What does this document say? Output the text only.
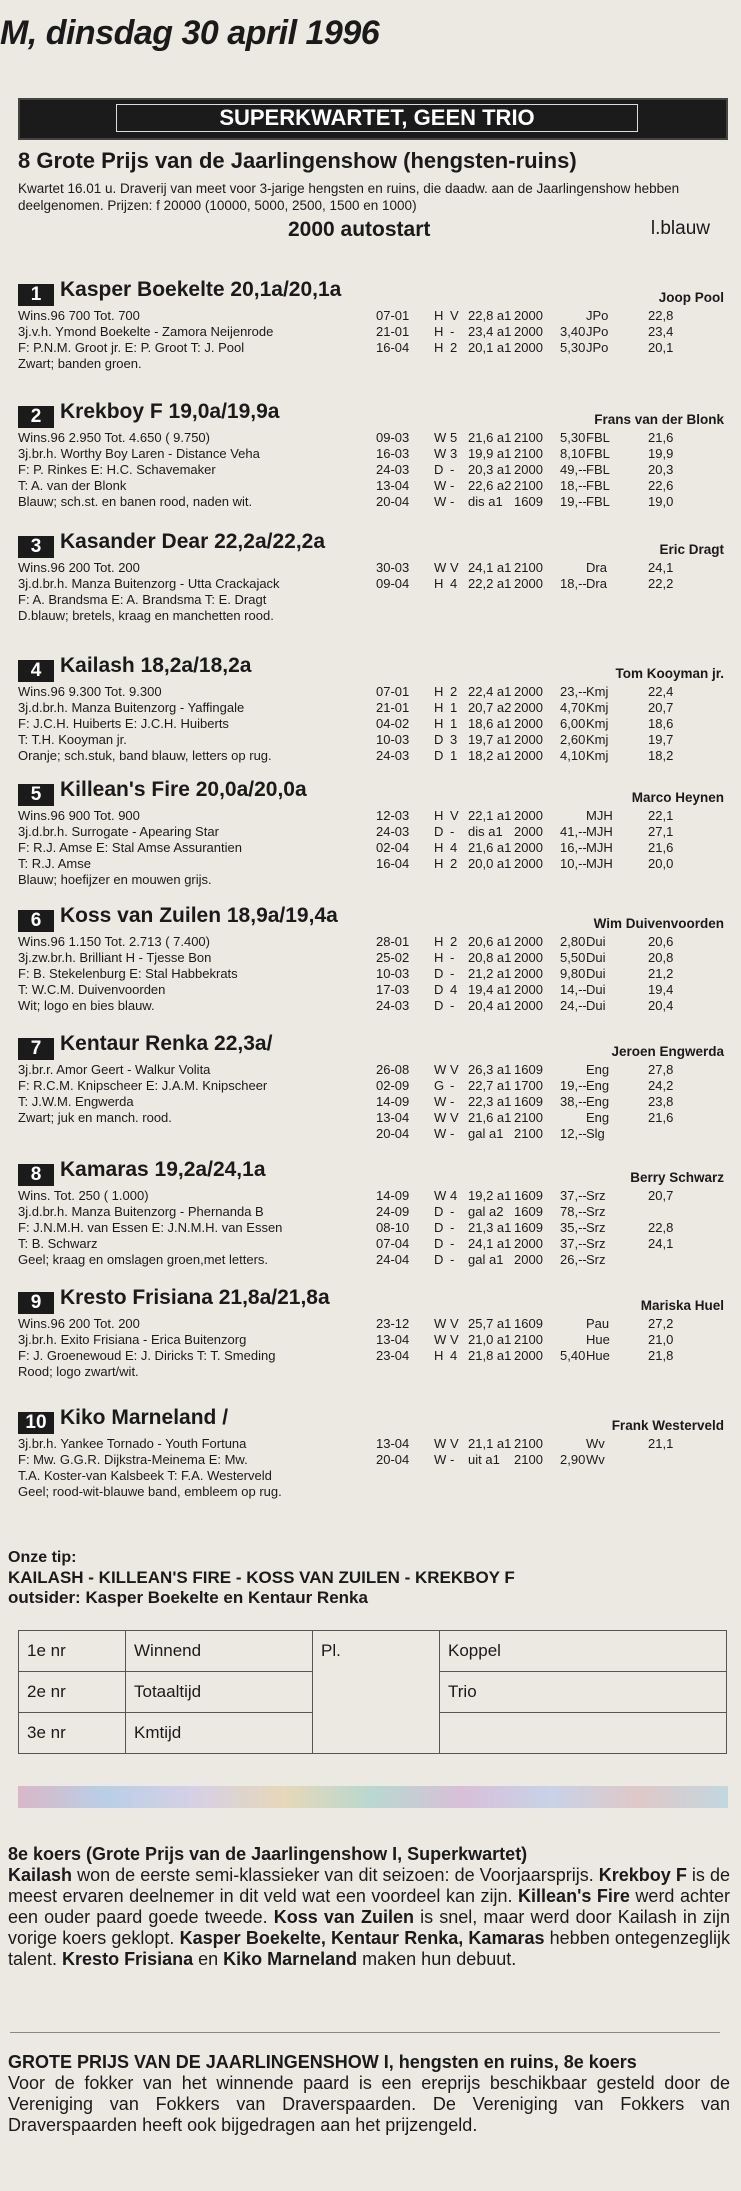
M, dinsdag 30 april 1996
SUPERKWARTET, GEEN TRIO
8 Grote Prijs van de Jaarlingenshow (hengsten-ruins)
Kwartet 16.01 u. Draverij van meet voor 3-jarige hengsten en ruins, die daadw. aan de Jaarlingenshow hebben deelgenomen. Prijzen: f 20000 (10000, 5000, 2500, 1500 en 1000)
2000 autostart	l.blauw
1 Kasper Boekelte 20,1a/20,1a	Joop Pool
Wins.96 700 Tot. 700
3j.v.h. Ymond Boekelte - Zamora Neijenrode
F: P.N.M. Groot jr. E: P. Groot T: J. Pool
Zwart; banden groen.
07-01 H V 22,8 a1 2000	JPo	22,8
21-01 H - 23,4 a1 2000 3,40 JPo	23,4
16-04 H 2 20,1 a1 2000 5,30 JPo	20,1
2 Krekboy F 19,0a/19,9a	Frans van der Blonk
Wins.96 2.950 Tot. 4.650 ( 9.750)
3j.br.h. Worthy Boy Laren - Distance Veha
F: P. Rinkes E: H.C. Schavemaker
T: A. van der Blonk
Blauw; sch.st. en banen rood, naden wit.
09-03 W 5 21,6 a1 2100 5,30 FBL	21,6
16-03 W 3 19,9 a1 2100 8,10 FBL	19,9
24-03 D - 20,3 a1 2000 49,-- FBL	20,3
13-04 W - 22,6 a2 2100 18,-- FBL	22,6
20-04 W - dis a1 1609 19,-- FBL	19,0
3 Kasander Dear 22,2a/22,2a	Eric Dragt
Wins.96 200 Tot. 200
3j.d.br.h. Manza Buitenzorg - Utta Crackajack
F: A. Brandsma E: A. Brandsma T: E. Dragt
D.blauw; bretels, kraag en manchetten rood.
30-03 W V 24,1 a1 2100	Dra	24,1
09-04 H 4 22,2 a1 2000 18,-- Dra	22,2
4 Kailash 18,2a/18,2a	Tom Kooyman jr.
Wins.96 9.300 Tot. 9.300
3j.d.br.h. Manza Buitenzorg - Yaffingale
F: J.C.H. Huiberts E: J.C.H. Huiberts
T: T.H. Kooyman jr.
Oranje; sch.stuk, band blauw, letters op rug.
07-01 H 2 22,4 a1 2000 23,-- Kmj	22,4
21-01 H 1 20,7 a2 2000 4,70 Kmj	20,7
04-02 H 1 18,6 a1 2000 6,00 Kmj	18,6
10-03 D 3 19,7 a1 2000 2,60 Kmj	19,7
24-03 D 1 18,2 a1 2000 4,10 Kmj	18,2
5 Killean's Fire 20,0a/20,0a	Marco Heynen
Wins.96 900 Tot. 900
3j.d.br.h. Surrogate - Apearing Star
F: R.J. Amse E: Stal Amse Assurantien
T: R.J. Amse
Blauw; hoefijzer en mouwen grijs.
12-03 H V 22,1 a1 2000	MJH	22,1
24-03 D - dis a1 2000 41,-- MJH	27,1
02-04 H 4 21,6 a1 2000 16,-- MJH	21,6
16-04 H 2 20,0 a1 2000 10,-- MJH	20,0
6 Koss van Zuilen 18,9a/19,4a	Wim Duivenvoorden
Wins.96 1.150 Tot. 2.713 ( 7.400)
3j.zw.br.h. Brilliant H - Tjesse Bon
F: B. Stekelenburg E: Stal Habbekrats
T: W.C.M. Duivenvoorden
Wit; logo en bies blauw.
28-01 H 2 20,6 a1 2000 2,80 Dui	20,6
25-02 H - 20,8 a1 2000 5,50 Dui	20,8
10-03 D - 21,2 a1 2000 9,80 Dui	21,2
17-03 D 4 19,4 a1 2000 14,-- Dui	19,4
24-03 D - 20,4 a1 2000 24,-- Dui	20,4
7 Kentaur Renka 22,3a/	Jeroen Engwerda
3j.br.r. Amor Geert - Walkur Volita
F: R.C.M. Knipscheer E: J.A.M. Knipscheer
T: J.W.M. Engwerda
Zwart; juk en manch. rood.
26-08 W V 26,3 a1 1609	Eng	27,8
02-09 G - 22,7 a1 1700 19,-- Eng	24,2
14-09 W - 22,3 a1 1609 38,-- Eng	23,8
13-04 W V 21,6 a1 2100	Eng	21,6
20-04 W - gal a1 2100 12,-- Slg
8 Kamaras 19,2a/24,1a	Berry Schwarz
Wins. Tot. 250 ( 1.000)
3j.d.br.h. Manza Buitenzorg - Phernanda B
F: J.N.M.H. van Essen E: J.N.M.H. van Essen
T: B. Schwarz
Geel; kraag en omslagen groen,met letters.
14-09 W 4 19,2 a1 1609 37,-- Srz	20,7
24-09 D - gal a2 1609 78,-- Srz
08-10 D - 21,3 a1 1609 35,-- Srz	22,8
07-04 D - 24,1 a1 2000 37,-- Srz	24,1
24-04 D - gal a1 2000 26,-- Srz
9 Kresto Frisiana 21,8a/21,8a	Mariska Huel
Wins.96 200 Tot. 200
3j.br.h. Exito Frisiana - Erica Buitenzorg
F: J. Groenewoud E: J. Diricks T: T. Smeding
Rood; logo zwart/wit.
23-12 W V 25,7 a1 1609	Pau	27,2
13-04 W V 21,0 a1 2100	Hue	21,0
23-04 H 4 21,8 a1 2000 5,40 Hue	21,8
10 Kiko Marneland /	Frank Westerveld
3j.br.h. Yankee Tornado - Youth Fortuna
F: Mw. G.G.R. Dijkstra-Meinema E: Mw.
T.A. Koster-van Kalsbeek T: F.A. Westerveld
Geel; rood-wit-blauwe band, embleem op rug.
13-04 W V 21,1 a1 2100	Wv	21,1
20-04 W - uit a1 2100 2,90 Wv
Onze tip:
KAILASH - KILLEAN'S FIRE - KOSS VAN ZUILEN - KREKBOY F
outsider: Kasper Boekelte en Kentaur Renka
1e nr	Winnend	Pl.	Koppel
2e nr	Totaaltijd		Trio
3e nr	Kmtijd		
8e koers (Grote Prijs van de Jaarlingenshow I, Superkwartet)
Kailash won de eerste semi-klassieker van dit seizoen: de Voorjaarsprijs. Krekboy F is de meest ervaren deelnemer in dit veld wat een voordeel kan zijn. Killean's Fire werd achter een ouder paard goede tweede. Koss van Zuilen is snel, maar werd door Kailash in zijn vorige koers geklopt. Kasper Boekelte, Kentaur Renka, Kamaras hebben ontegenzeglijk talent. Kresto Frisiana en Kiko Marneland maken hun debuut.
GROTE PRIJS VAN DE JAARLINGENSHOW I, hengsten en ruins, 8e koers
Voor de fokker van het winnende paard is een ereprijs beschikbaar gesteld door de Vereniging van Fokkers van Draverspaarden. De Vereniging van Fokkers van Draverspaarden heeft ook bijgedragen aan het prijzengeld.
